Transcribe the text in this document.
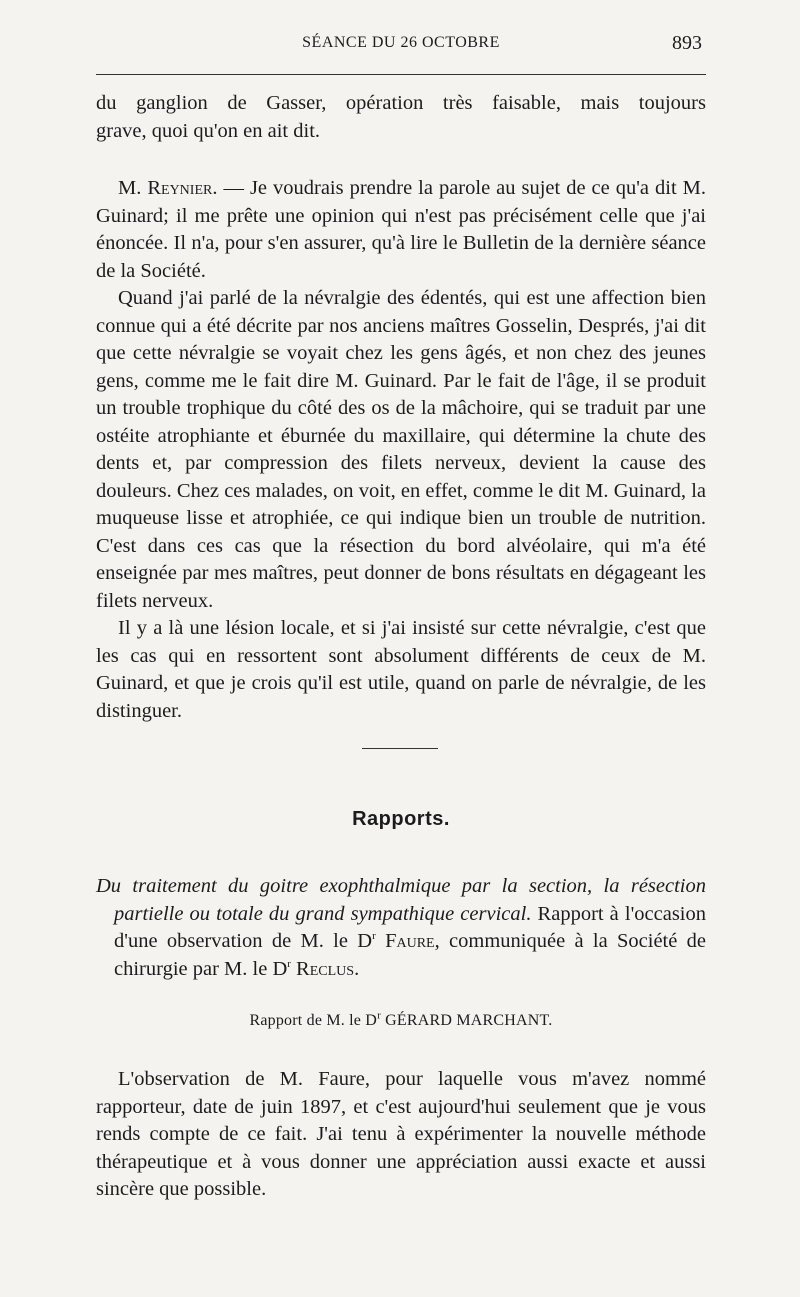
SÉANCE DU 26 OCTOBRE	893

du ganglion de Gasser, opération très faisable, mais toujours

grave, quoi qu'on en ait dit.

M. Reynier. — Je voudrais prendre la parole au sujet de ce qu'a dit M. Guinard; il me prête une opinion qui n'est pas précisément celle que j'ai énoncée. Il n'a, pour s'en assurer, qu'à lire le Bulletin de la dernière séance de la Société.

Quand j'ai parlé de la névralgie des édentés, qui est une affection bien connue qui a été décrite par nos anciens maîtres Gosselin, Després, j'ai dit que cette névralgie se voyait chez les gens âgés, et non chez des jeunes gens, comme me le fait dire M. Guinard. Par le fait de l'âge, il se produit un trouble trophique du côté des os de la mâchoire, qui se traduit par une ostéite atrophiante et éburnée du maxillaire, qui détermine la chute des dents et, par compression des filets nerveux, devient la cause des douleurs. Chez ces malades, on voit, en effet, comme le dit M. Guinard, la muqueuse lisse et atrophiée, ce qui indique bien un trouble de nutrition. C'est dans ces cas que la résection du bord alvéolaire, qui m'a été enseignée par mes maîtres, peut donner de bons résultats en dégageant les filets nerveux.

Il y a là une lésion locale, et si j'ai insisté sur cette névralgie, c'est que les cas qui en ressortent sont absolument différents de ceux de M. Guinard, et que je crois qu'il est utile, quand on parle de névralgie, de les distinguer.

Rapports.

Du traitement du goitre exophthalmique par la section, la résection partielle ou totale du grand sympathique cervical. Rapport à l'occasion d'une observation de M. le $D^r$ Faure, communiquée à la Société de chirurgie par M. le $D^r$ Reclus.

Rapport de M. le $D^r$ GÉRARD MARCHANT.

L'observation de M. Faure, pour laquelle vous m'avez nommé rapporteur, date de juin 1897, et c'est aujourd'hui seulement que je vous rends compte de ce fait. J'ai tenu à expérimenter la nouvelle méthode thérapeutique et à vous donner une appréciation aussi exacte et aussi sincère que possible.
